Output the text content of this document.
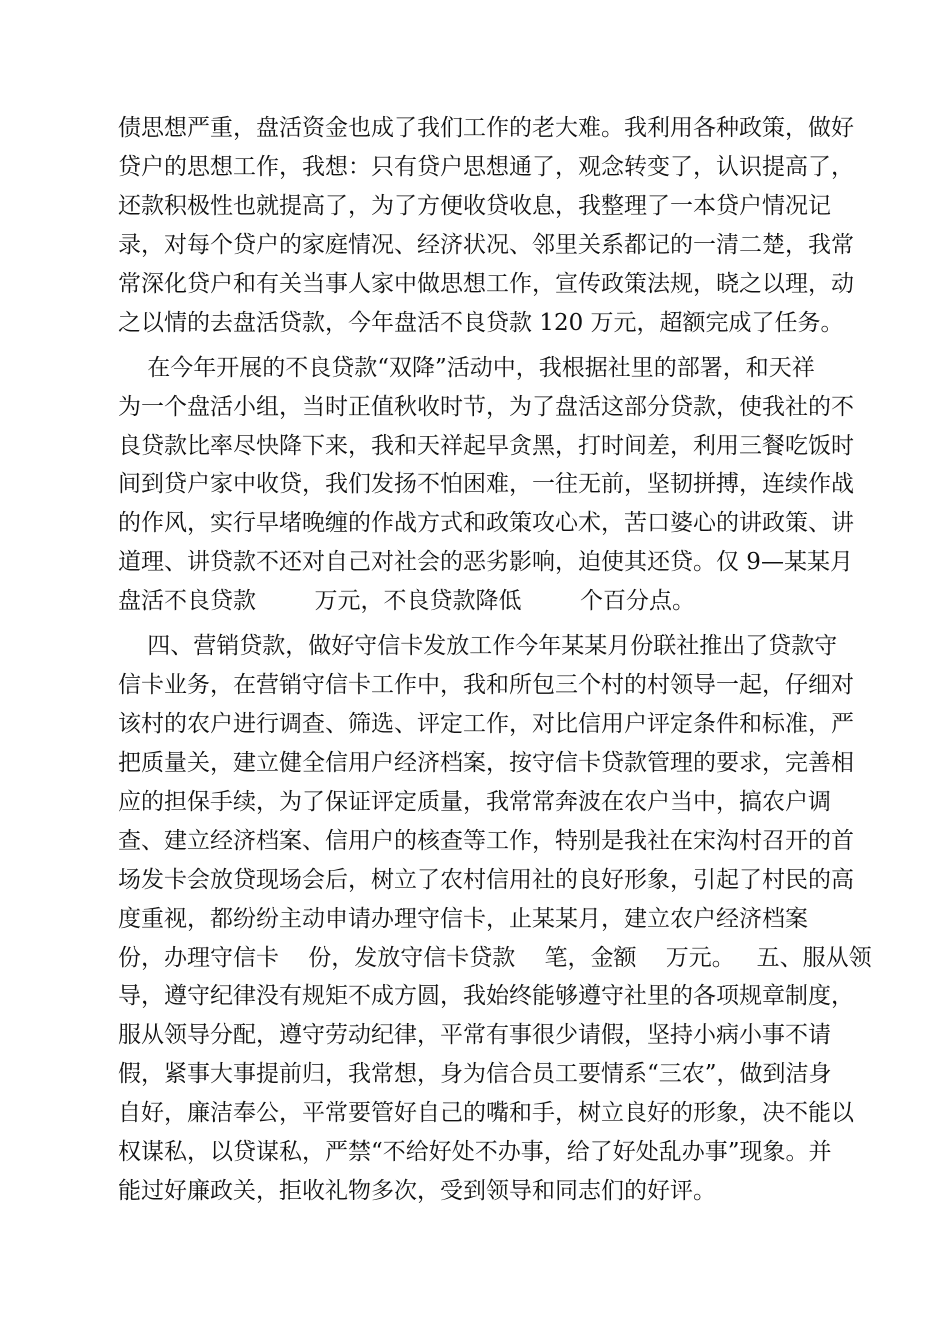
债思想严重，盘活资金也成了我们工作的老大难。我利用各种政策，做好
贷户的思想工作，我想：只有贷户思想通了，观念转变了，认识提高了，
还款积极性也就提高了，为了方便收贷收息，我整理了一本贷户情况记
录，对每个贷户的家庭情况、经济状况、邻里关系都记的一清二楚，我常
常深化贷户和有关当事人家中做思想工作，宣传政策法规，晓之以理，动
之以情的去盘活贷款，今年盘活不良贷款 120 万元，超额完成了任务。
在今年开展的不良贷款“双降”活动中，我根据社里的部署，和天祥
为一个盘活小组，当时正值秋收时节，为了盘活这部分贷款，使我社的不
良贷款比率尽快降下来，我和天祥起早贪黑，打时间差，利用三餐吃饭时
间到贷户家中收贷，我们发扬不怕困难，一往无前，坚韧拼搏，连续作战
的作风，实行早堵晚缠的作战方式和政策攻心术，苦口婆心的讲政策、讲
道理、讲贷款不还对自己对社会的恶劣影响，迫使其还贷。仅 9—某某月
盘活不良贷款        万元，不良贷款降低        个百分点。
四、营销贷款，做好守信卡发放工作今年某某月份联社推出了贷款守
信卡业务，在营销守信卡工作中，我和所包三个村的村领导一起，仔细对
该村的农户进行调查、筛选、评定工作，对比信用户评定条件和标准，严
把质量关，建立健全信用户经济档案，按守信卡贷款管理的要求，完善相
应的担保手续，为了保证评定质量，我常常奔波在农户当中，搞农户调
查、建立经济档案、信用户的核查等工作，特别是我社在宋沟村召开的首
场发卡会放贷现场会后，树立了农村信用社的良好形象，引起了村民的高
度重视，都纷纷主动申请办理守信卡，止某某月，建立农户经济档案
份，办理守信卡    份，发放守信卡贷款    笔，金额    万元。   五、服从领
导，遵守纪律没有规矩不成方圆，我始终能够遵守社里的各项规章制度，
服从领导分配，遵守劳动纪律，平常有事很少请假，坚持小病小事不请
假，紧事大事提前归，我常想，身为信合员工要情系“三农”，做到洁身
自好，廉洁奉公，平常要管好自己的嘴和手，树立良好的形象，决不能以
权谋私，以贷谋私，严禁“不给好处不办事，给了好处乱办事”现象。并
能过好廉政关，拒收礼物多次，受到领导和同志们的好评。
